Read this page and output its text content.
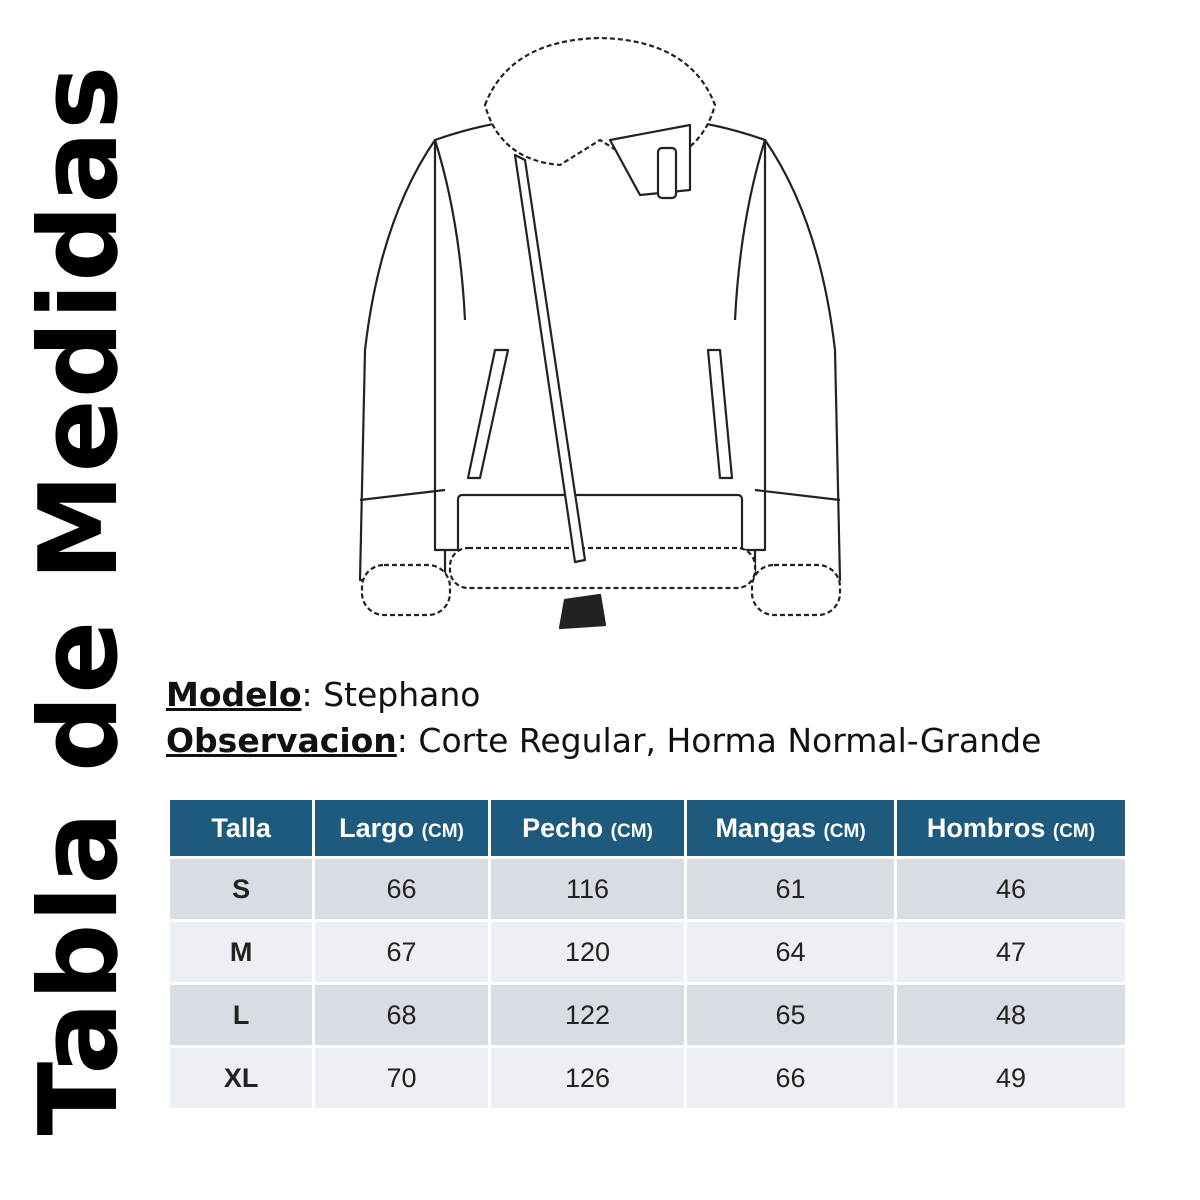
Tabla de Medidas Modelo: Stephano
Observacion: Corte Regular, Horma Normal-Grande
Talla	Largo (CM)	Pecho (CM)	Mangas (CM)	Hombros (CM)
S	66	116	61	46
M	67	120	64	47
L	68	122	65	48
XL	70	126	66	49
